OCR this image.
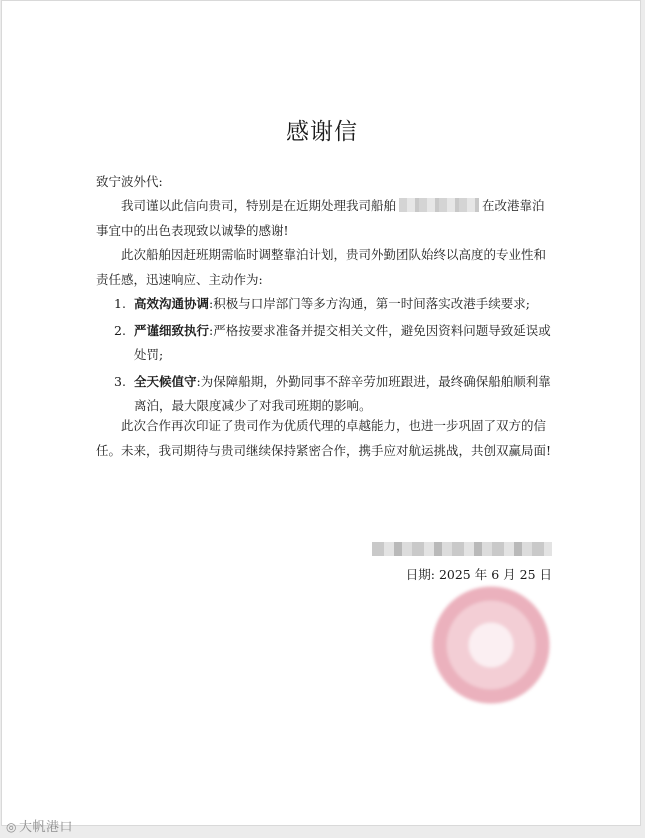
感谢信
致宁波外代:
我司谨以此信向贵司，特别是在近期处理我司船舶	在改港靠泊事宜中的出色表现致以诚挚的感谢!
此次船舶因赶班期需临时调整靠泊计划，贵司外勤团队始终以高度的专业性和责任感，迅速响应、主动作为:
1. 高效沟通协调:积极与口岸部门等多方沟通，第一时间落实改港手续要求;
2. 严谨细致执行:严格按要求准备并提交相关文件，避免因资料问题导致延误或处罚;
3. 全天候值守:为保障船期，外勤同事不辞辛劳加班跟进，最终确保船舶顺利靠离泊，最大限度减少了对我司班期的影响。
此次合作再次印证了贵司作为优质代理的卓越能力，也进一步巩固了双方的信任。未来，我司期待与贵司继续保持紧密合作，携手应对航运挑战，共创双赢局面!
日期: 2025 年 6 月 25 日
◎ 大帆港口
